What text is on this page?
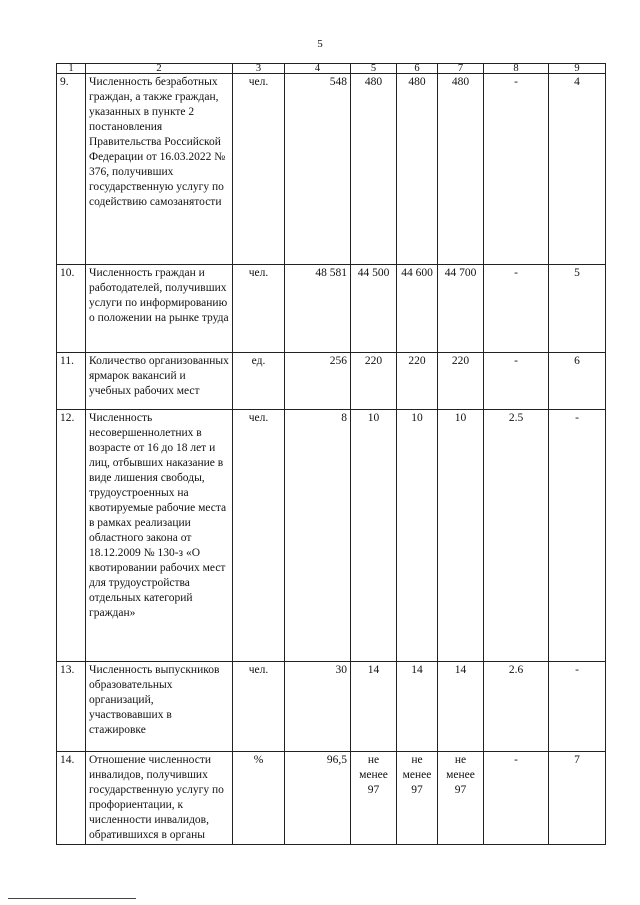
5
1	2	3	4	5	6	7	8	9
9.	Численность безработных граждан, а также граждан, указанных в пункте 2 постановления Правительства Российской Федерации от 16.03.2022 № 376, получивших государственную услугу по содействию самозанятости	чел.	548	480	480	480	-	4
10.	Численность граждан и работодателей, получивших услуги по информированию о положении на рынке труда	чел.	48 581	44 500	44 600	44 700	-	5
11.	Количество организованных ярмарок вакансий и учебных рабочих мест	ед.	256	220	220	220	-	6
12.	Численность несовершеннолетних в возрасте от 16 до 18 лет и лиц, отбывших наказание в виде лишения свободы, трудоустроенных на квотируемые рабочие места в рамках реализации областного закона от 18.12.2009 № 130-з «О квотировании рабочих мест для трудоустройства отдельных категорий граждан»	чел.	8	10	10	10	2.5	-
13.	Численность выпускников образовательных организаций, участвовавших в стажировке	чел.	30	14	14	14	2.6	-
14.	Отношение численности инвалидов, получивших государственную услугу по профориентации, к численности инвалидов, обратившихся в органы	%	96,5	не менее 97	не менее 97	не менее 97	-	7
